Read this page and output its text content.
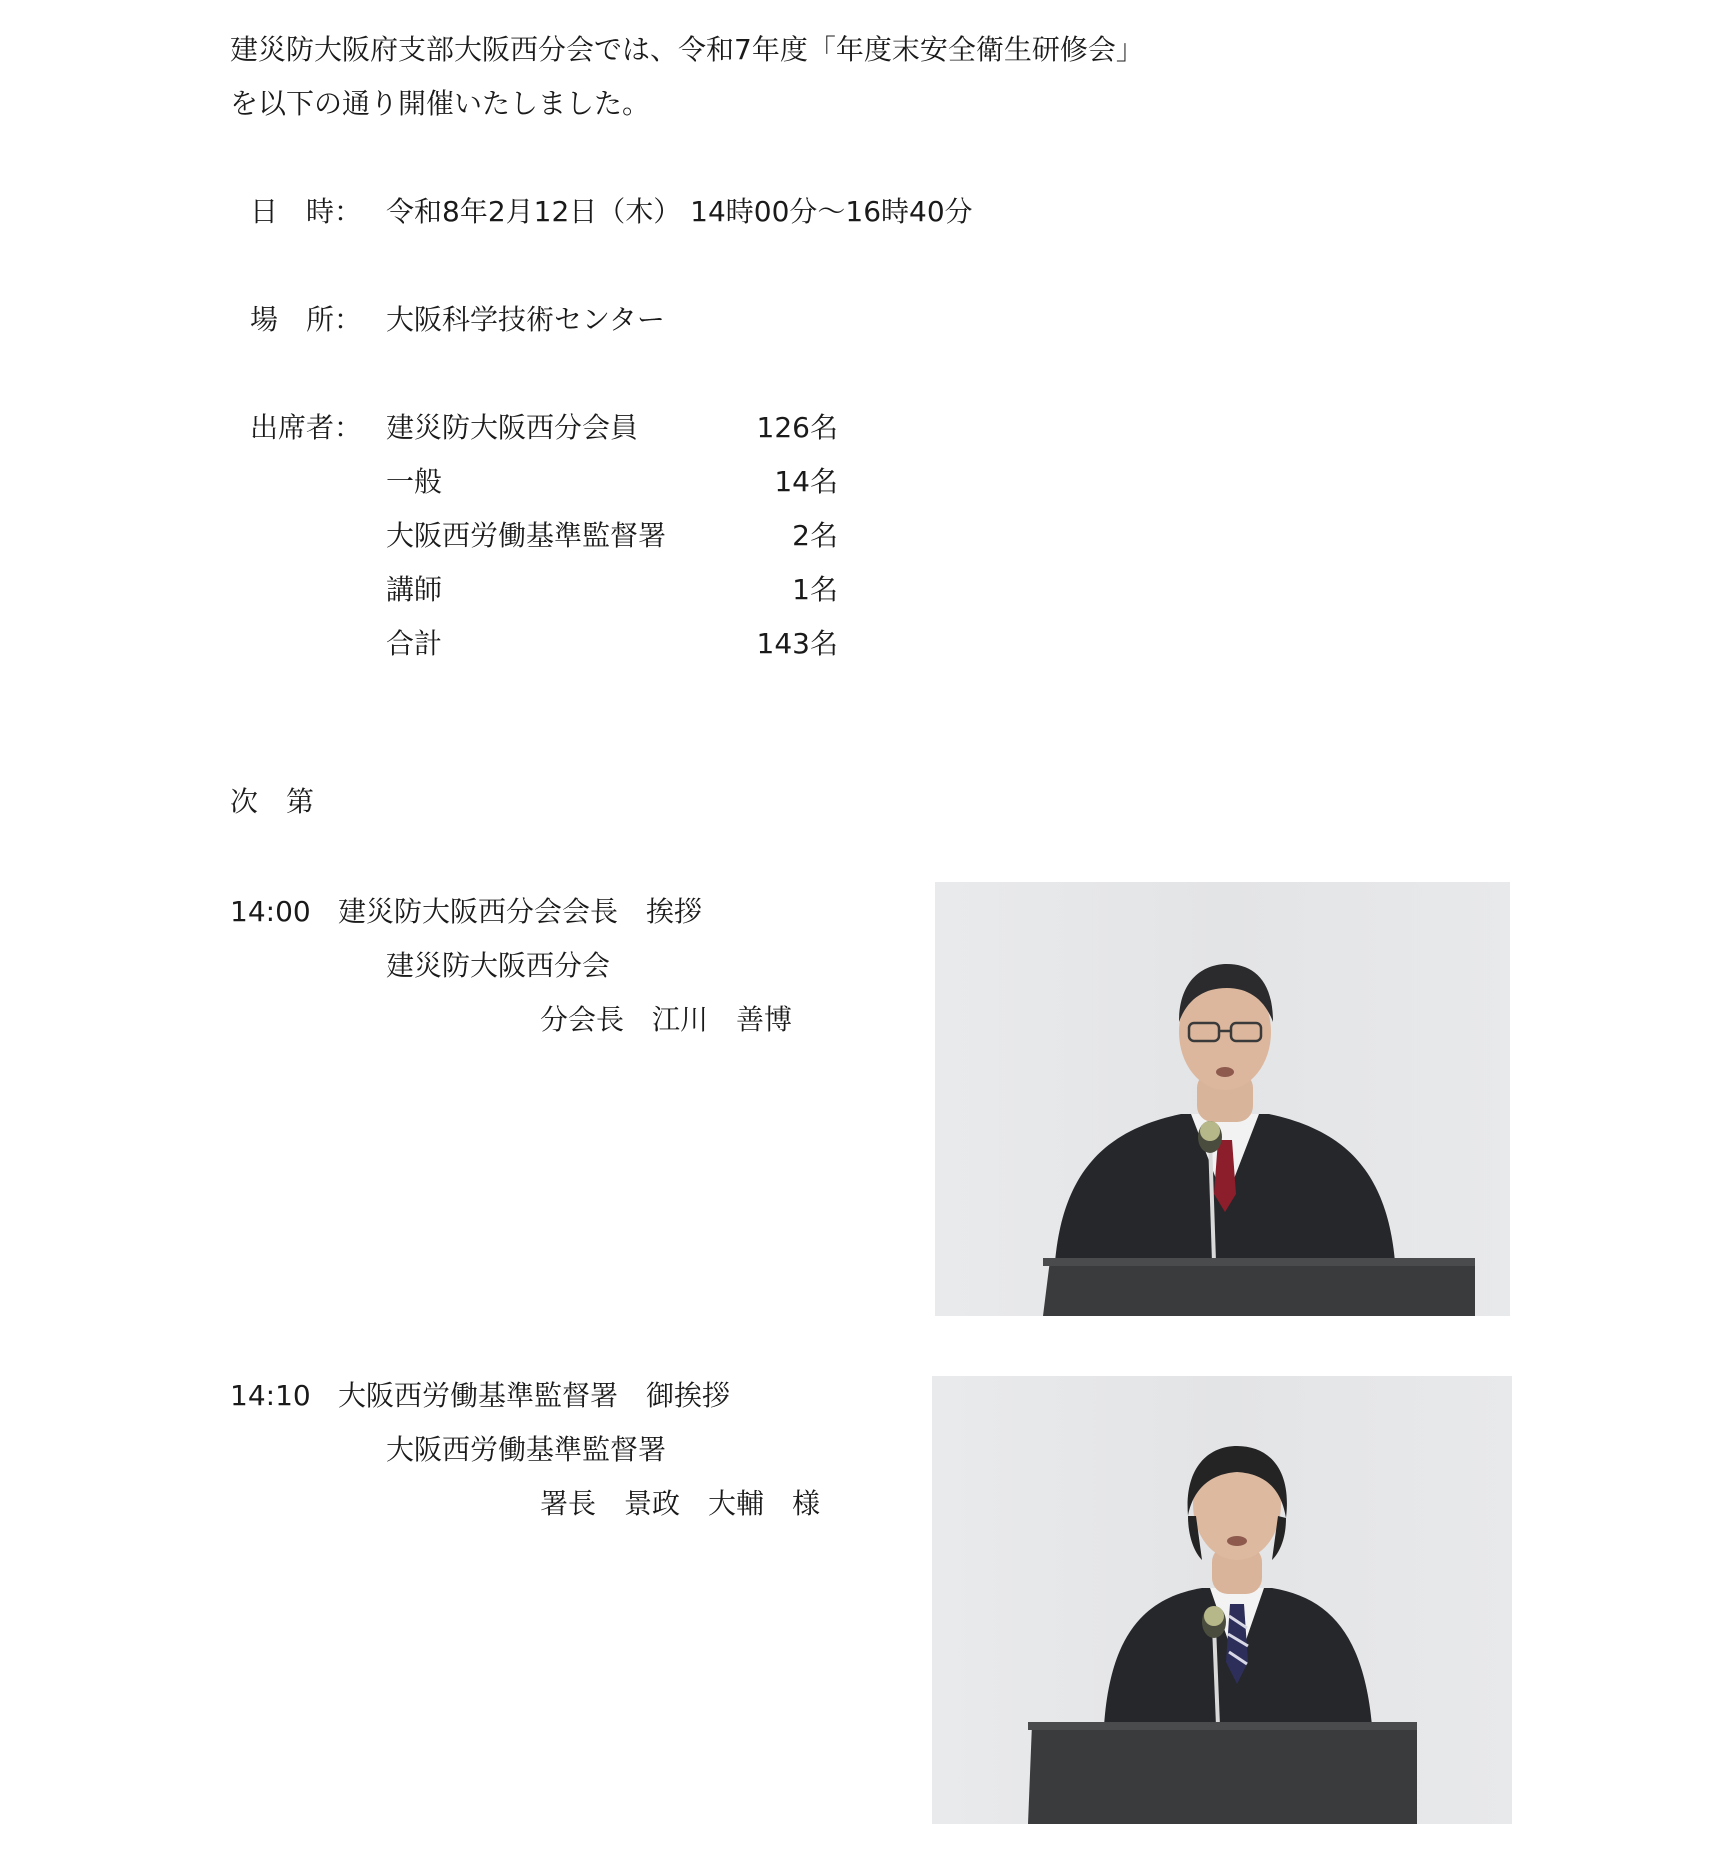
建災防大阪府支部大阪西分会では、令和7年度「年度末安全衛生研修会」
を以下の通り開催いたしました。
日　時： 令和8年2月12日（木） 14時00分～16時40分
場　所： 大阪科学技術センター
出席者： 建災防大阪西分会員	126名
一般	14名
大阪西労働基準監督署	2名
講師	1名
合計	143名
次　第
14:00 建災防大阪西分会会長　挨拶
建災防大阪西分会
分会長　江川　善博
14:10 大阪西労働基準監督署　御挨拶
大阪西労働基準監督署
署長　景政　大輔　様
